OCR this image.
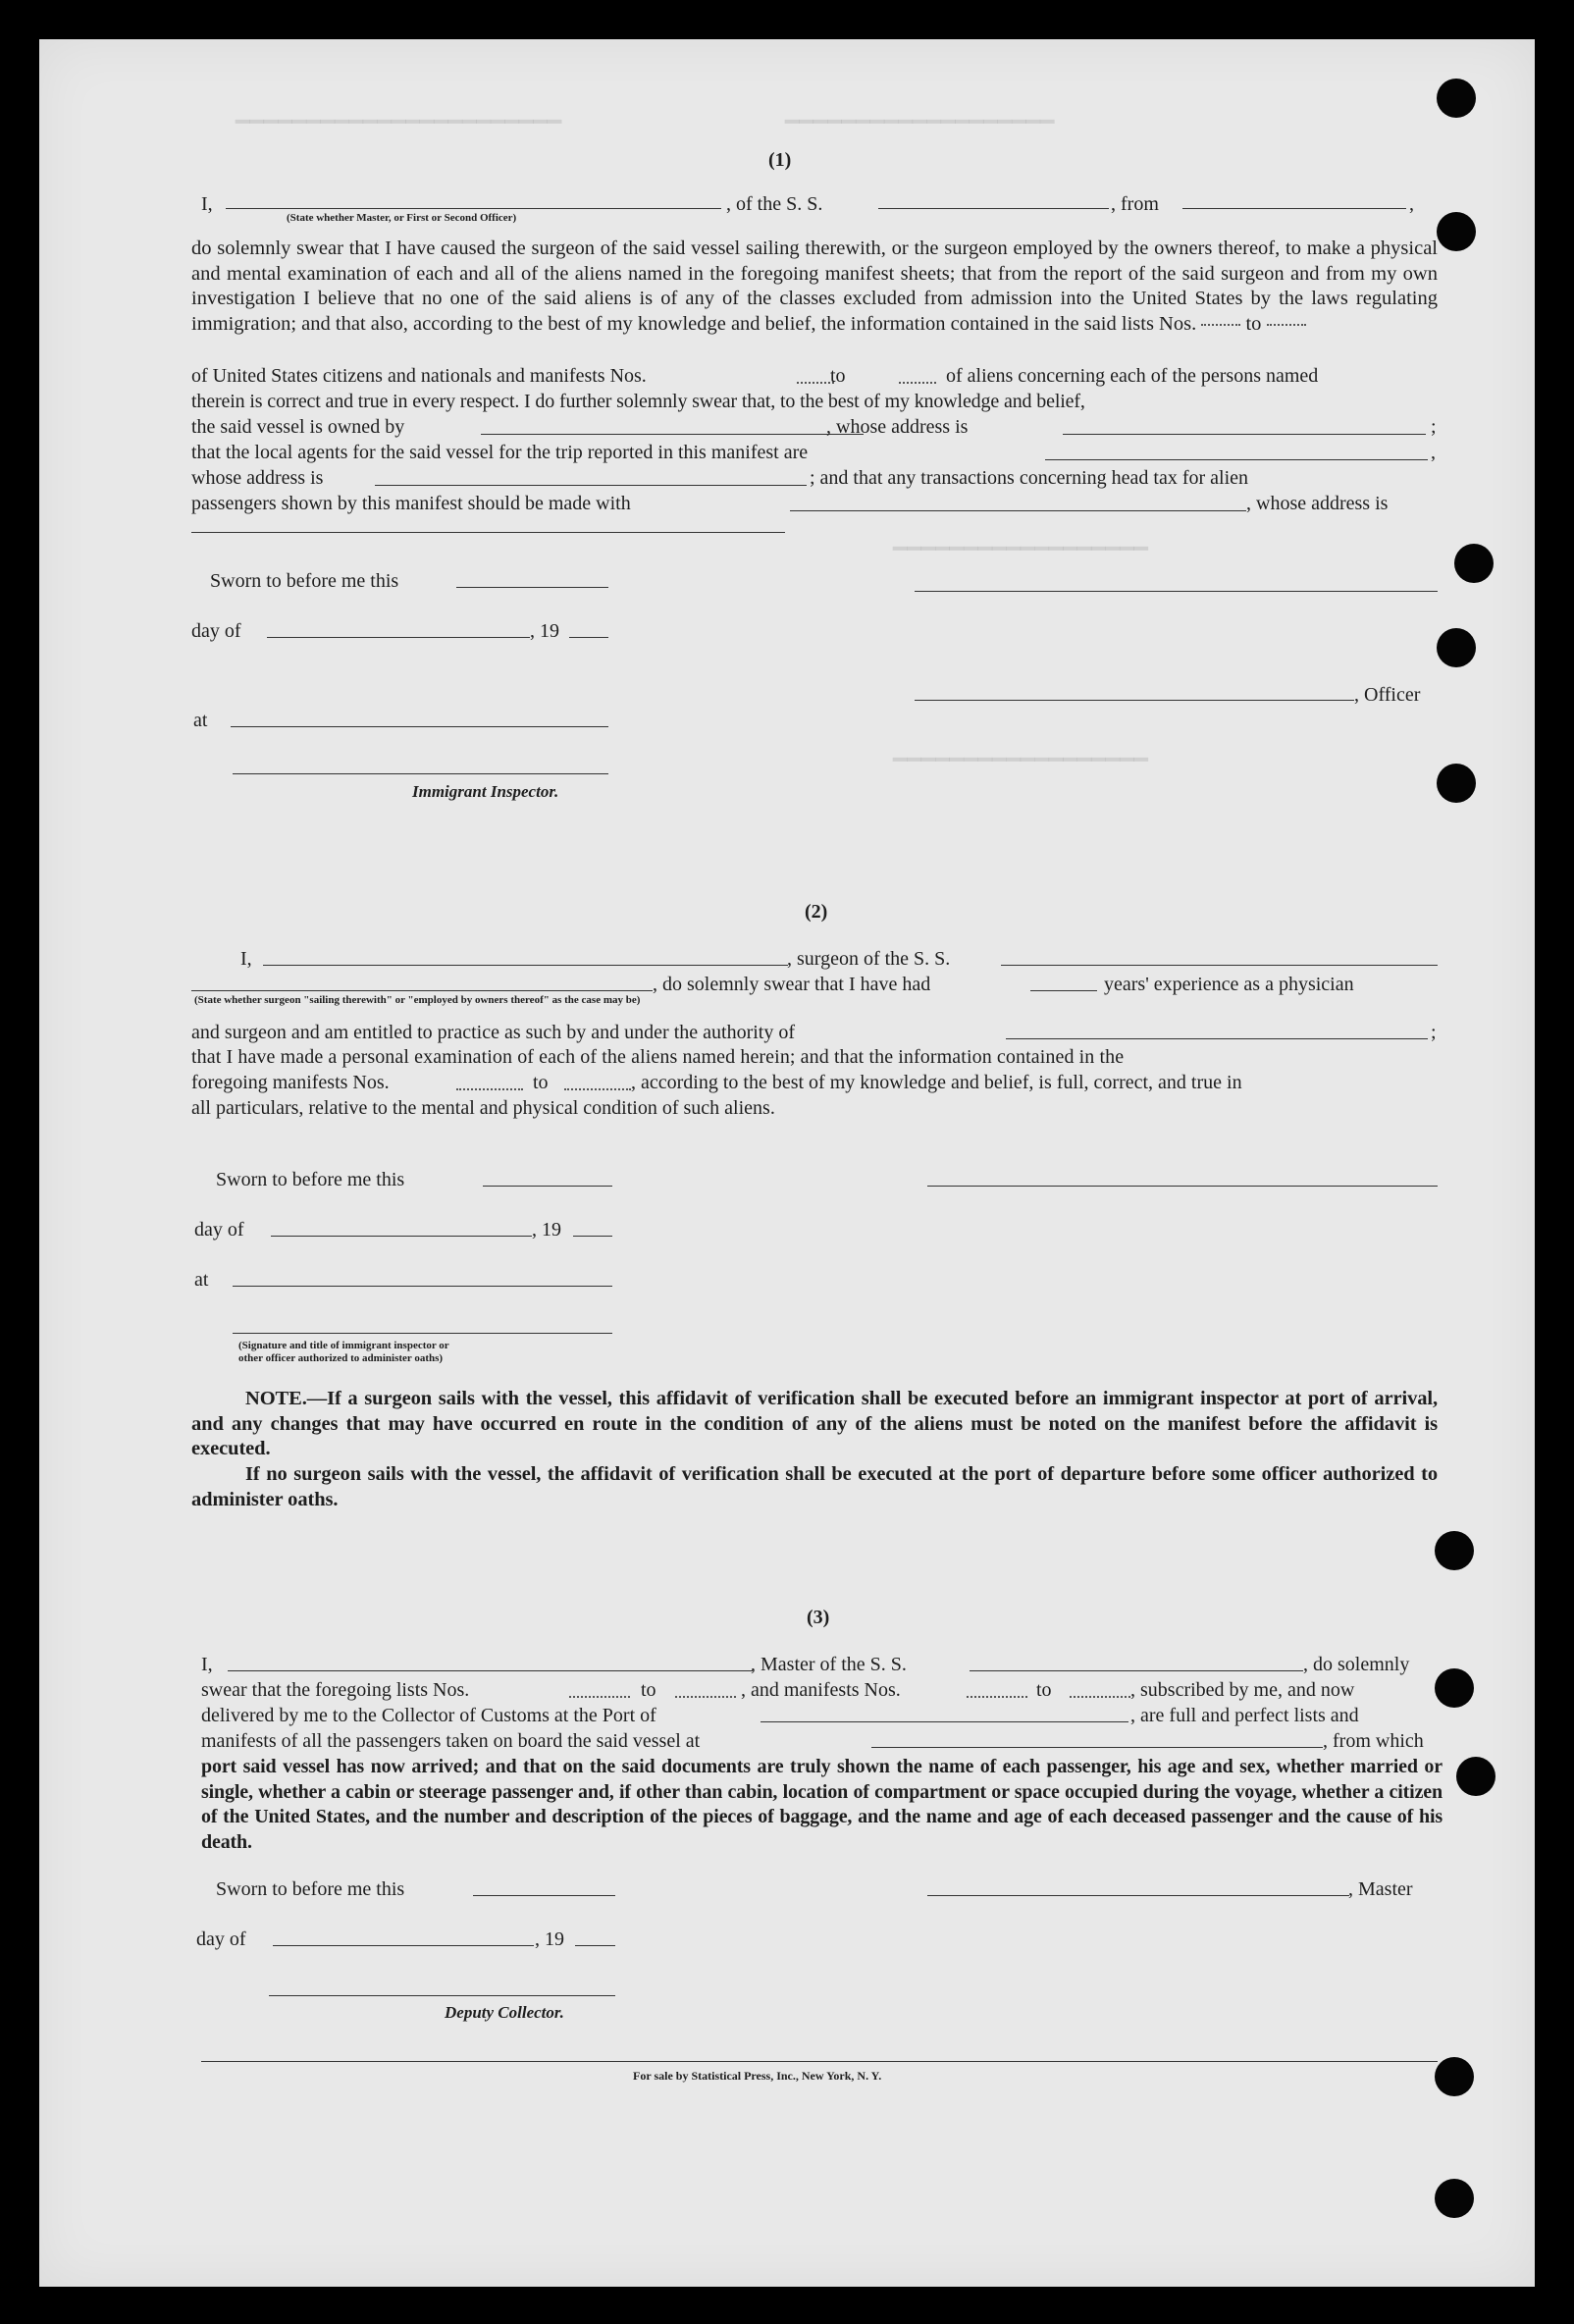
━━━━━━━━━━━━━━━━━━━
━━━━━━━━━━━━━━━━━━━━━━━
━━━━━━━━━━━━━━━━━━
━━━━━━━━━━━━━━━━━━
(1)
I,
(State whether Master, or First or Second Officer)
, of the S. S.	, from	,
do solemnly swear that I have caused the surgeon of the said vessel sailing therewith, or the surgeon employed by the owners thereof, to make a physical and mental examination of each and all of the aliens named in the foregoing manifest sheets; that from the report of the said surgeon and from my own investigation I believe that no one of the said aliens is of any of the classes excluded from admission into the United States by the laws regulating immigration; and that also, according to the best of my knowledge and belief, the information contained in the said lists Nos. to
of United States citizens and nationals and manifests Nos.	to	of aliens concerning each of the persons named
therein is correct and true in every respect. I do further solemnly swear that, to the best of my knowledge and belief,
the said vessel is owned by	, whose address is	;
that the local agents for the said vessel for the trip reported in this manifest are	,
whose address is	; and that any transactions concerning head tax for alien
passengers shown by this manifest should be made with	, whose address is
Sworn to before me this
day of	, 19
, Officer
at
Immigrant Inspector.
(2)
I,	, surgeon of the S. S.
, do solemnly swear that I have had	years' experience as a physician
(State whether surgeon "sailing therewith" or "employed by owners thereof" as the case may be)
and surgeon and am entitled to practice as such by and under the authority of	;
that I have made a personal examination of each of the aliens named herein; and that the information contained in the
foregoing manifests Nos.	to	, according to the best of my knowledge and belief, is full, correct, and true in
all particulars, relative to the mental and physical condition of such aliens.
Sworn to before me this
day of	, 19
at
(Signature and title of immigrant inspector or
other officer authorized to administer oaths)
NOTE.—If a surgeon sails with the vessel, this affidavit of verification shall be executed before an immigrant inspector at port of arrival, and any changes that may have occurred en route in the condition of any of the aliens must be noted on the manifest before the affidavit is executed.
If no surgeon sails with the vessel, the affidavit of verification shall be executed at the port of departure before some officer authorized to administer oaths.
(3)
I,	, Master of the S. S.	, do solemnly
swear that the foregoing lists Nos.	to	, and manifests Nos.	to	, subscribed by me, and now
delivered by me to the Collector of Customs at the Port of	, are full and perfect lists and
manifests of all the passengers taken on board the said vessel at	, from which
port said vessel has now arrived; and that on the said documents are truly shown the name of each passenger, his age and sex, whether married or single, whether a cabin or steerage passenger and, if other than cabin, location of compartment or space occupied during the voyage, whether a citizen of the United States, and the number and description of the pieces of baggage, and the name and age of each deceased passenger and the cause of his death.
Sworn to before me this	, Master
day of	, 19
Deputy Collector.
For sale by Statistical Press, Inc., New York, N. Y.
